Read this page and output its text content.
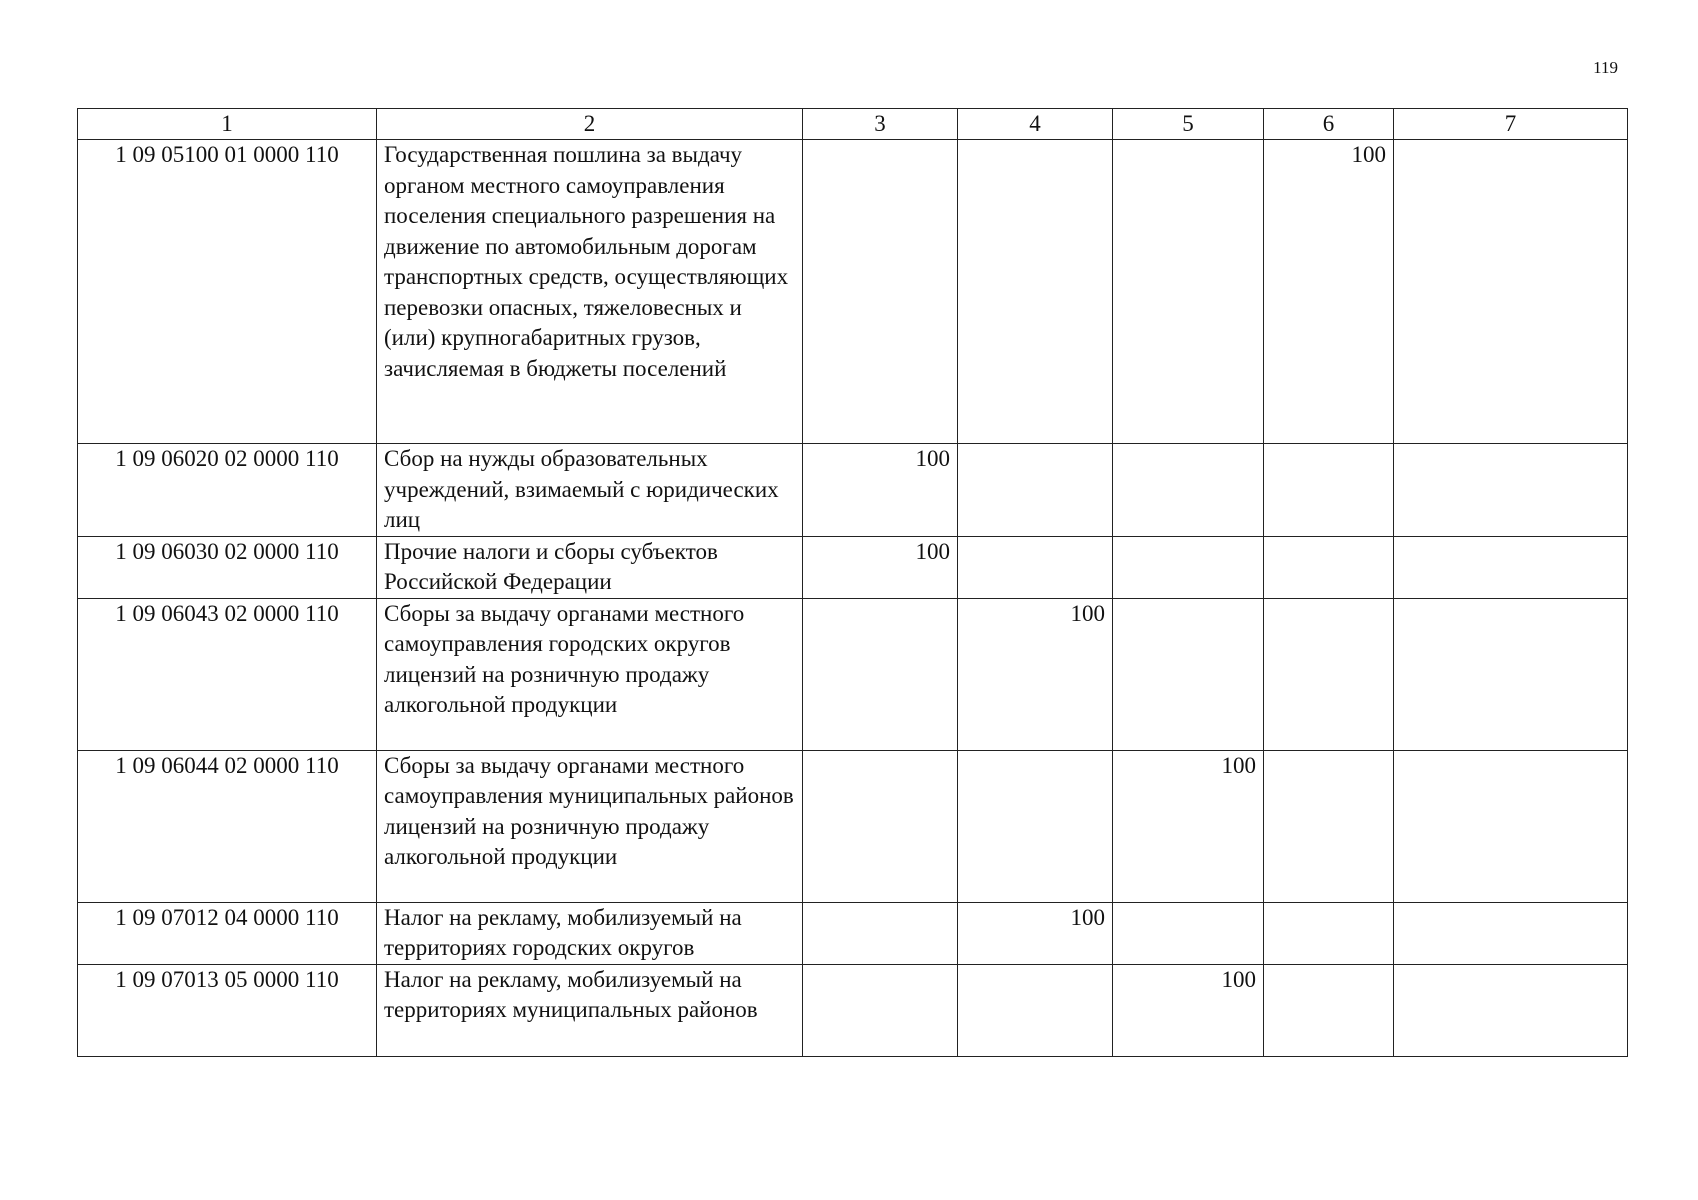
119
1	2	3	4	5	6	7
1 09 05100 01 0000 110	Государственная пошлина за выдачу органом местного самоуправления поселения специального разрешения на движение по автомобильным дорогам транспортных средств, осуществляющих перевозки опасных, тяжеловесных и (или) крупногабаритных грузов, зачисляемая в бюджеты поселений				100	
1 09 06020 02 0000 110	Сбор на нужды образовательных учреждений, взимаемый с юридических лиц	100				
1 09 06030 02 0000 110	Прочие налоги и сборы субъектов Российской Федерации	100				
1 09 06043 02 0000 110	Сборы за выдачу органами местного самоуправления городских округов лицензий на розничную продажу алкогольной продукции		100			
1 09 06044 02 0000 110	Сборы за выдачу органами местного самоуправления муниципальных районов лицензий на розничную продажу алкогольной продукции			100		
1 09 07012 04 0000 110	Налог на рекламу, мобилизуемый на территориях городских округов		100			
1 09 07013 05 0000 110	Налог на рекламу, мобилизуемый на территориях муниципальных районов			100		
